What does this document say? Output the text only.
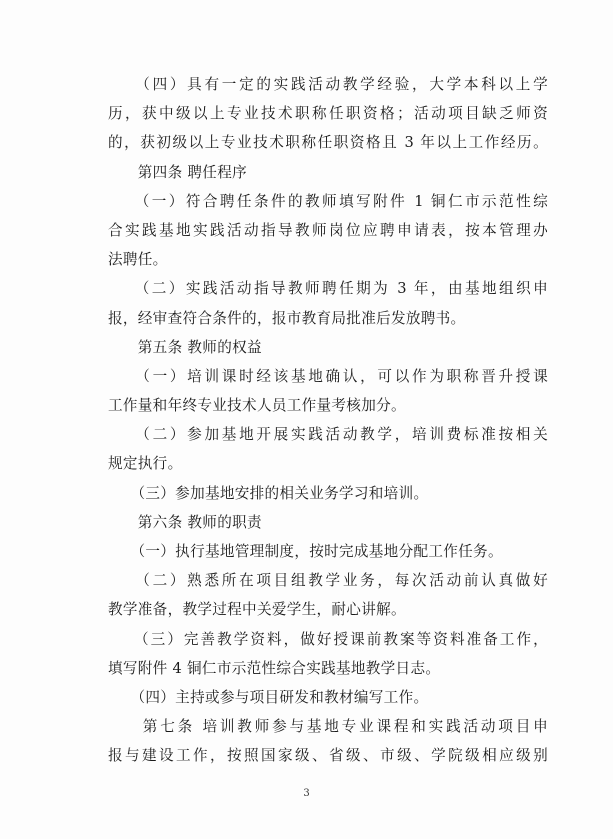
　　（四）具有一定的实践活动教学经验，大学本科以上学
历，获中级以上专业技术职称任职资格；活动项目缺乏师资
的，获初级以上专业技术职称任职资格且 3 年以上工作经历。
　　第四条 聘任程序
　　（一）符合聘任条件的教师填写附件 1 铜仁市示范性综
合实践基地实践活动指导教师岗位应聘申请表，按本管理办
法聘任。
　　（二）实践活动指导教师聘任期为 3 年，由基地组织申
报，经审查符合条件的，报市教育局批准后发放聘书。
　　第五条 教师的权益
　　（一）培训课时经该基地确认，可以作为职称晋升授课
工作量和年终专业技术人员工作量考核加分。
　　（二）参加基地开展实践活动教学，培训费标准按相关
规定执行。
　　（三）参加基地安排的相关业务学习和培训。
　　第六条 教师的职责
　　（一）执行基地管理制度，按时完成基地分配工作任务。
　　（二）熟悉所在项目组教学业务，每次活动前认真做好
教学准备，教学过程中关爱学生，耐心讲解。
　　（三）完善教学资料，做好授课前教案等资料准备工作，
填写附件 4 铜仁市示范性综合实践基地教学日志。
　　（四）主持或参与项目研发和教材编写工作。
　　第七条 培训教师参与基地专业课程和实践活动项目申
报与建设工作，按照国家级、省级、市级、学院级相应级别
3
